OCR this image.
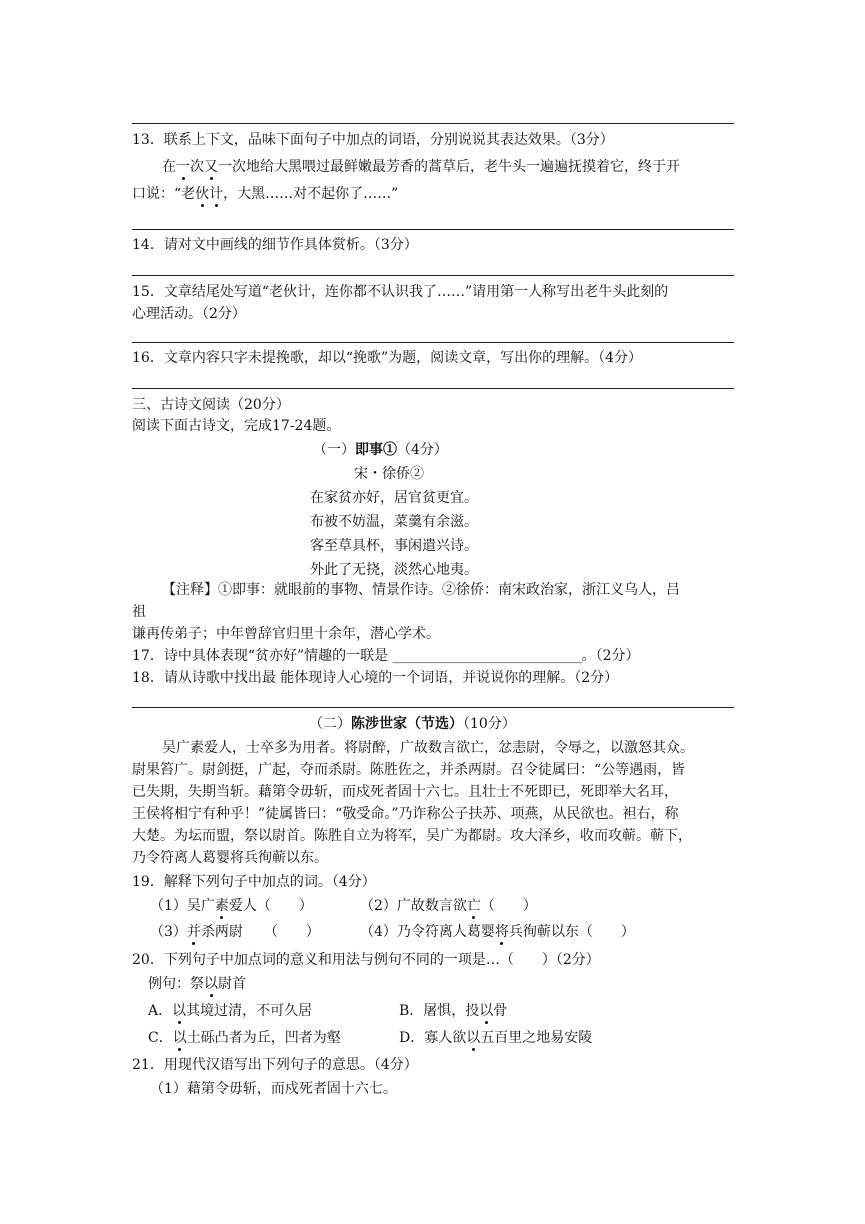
13．联系上下文，品味下面句子中加点的词语，分别说说其表达效果。（3分）
在一次又一次地给大黑喂过最鲜嫩最芳香的蒿草后，老牛头一遍遍抚摸着它，终于开
口说：“老伙计，大黑……对不起你了……”
14．请对文中画线的细节作具体赏析。（3分）
15．文章结尾处写道“老伙计，连你都不认识我了……”请用第一人称写出老牛头此刻的
心理活动。（2分）
16．文章内容只字未提挽歌，却以“挽歌”为题，阅读文章，写出你的理解。（4分）
三、古诗文阅读（20分）
阅读下面古诗文，完成17-24题。
（一）即事①（4分）
宋・徐侨②
在家贫亦好，居官贫更宜。
布被不妨温，菜羹有余滋。
客至草具杯，事闲遣兴诗。
外此了无挠，淡然心地夷。
【注释】①即事：就眼前的事物、情景作诗。②徐侨：南宋政治家，浙江义乌人，吕
祖
谦再传弟子；中年曾辞官归里十余年，潜心学术。
17．诗中具体表现“贫亦好”情趣的一联是 ___________________________。（2分）
18．请从诗歌中找出最 能体现诗人心境的一个词语，并说说你的理解。（2分）
（二）陈涉世家（节选）（10分）
吴广素爱人，士卒多为用者。将尉醉，广故数言欲亡，忿恚尉，令辱之，以激怒其众。
尉果笞广。尉剑挺，广起，夺而杀尉。陈胜佐之，并杀两尉。召令徒属曰：“公等遇雨，皆
已失期，失期当斩。藉第令毋斩，而戍死者固十六七。且壮士不死即已，死即举大名耳，
王侯将相宁有种乎！”徒属皆曰：“敬受命。”乃诈称公子扶苏、项燕，从民欲也。袒右，称
大楚。为坛而盟，祭以尉首。陈胜自立为将军，吴广为都尉。攻大泽乡，收而攻蕲。蕲下，
乃令符离人葛婴将兵徇蕲以东。
19．解释下列句子中加点的词。（4分）
（1）吴广素爱人（　　）	（2）广故数言欲亡（　　）
（3）并杀两尉　　（　　）	（4）乃令符离人葛婴将兵徇蕲以东（　　）
20．下列句子中加点词的意义和用法与例句不同的一项是…（　　）（2分）
例句：祭以尉首
A．以其境过清，不可久居	B．屠惧，投以骨
C．以土砾凸者为丘，凹者为壑	D．寡人欲以五百里之地易安陵
21．用现代汉语写出下列句子的意思。（4分）
（1）藉第令毋斩，而戍死者固十六七。
